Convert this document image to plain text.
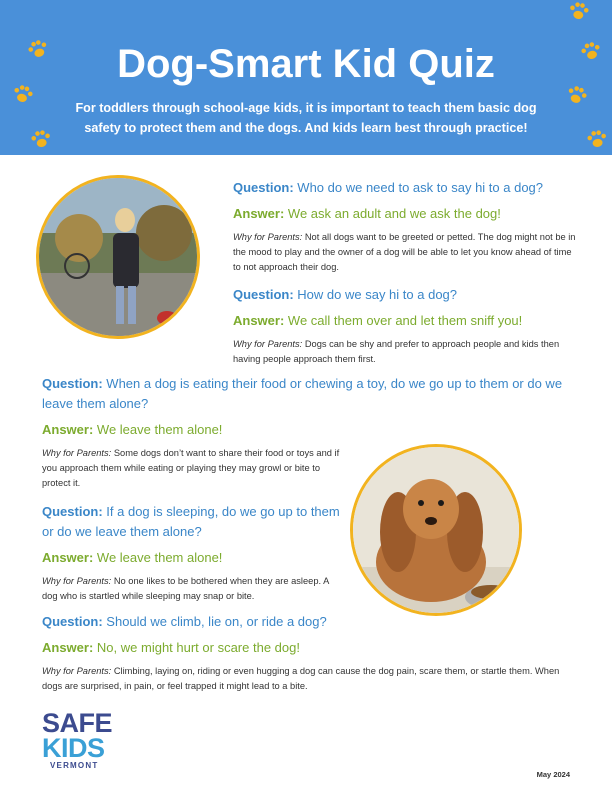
Dog-Smart Kid Quiz
For toddlers through school-age kids, it is important to teach them basic dog safety to protect them and the dogs. And kids learn best through practice!
Question: Who do we need to ask to say hi to a dog?
Answer: We ask an adult and we ask the dog!
Why for Parents: Not all dogs want to be greeted or petted. The dog might not be in the mood to play and the owner of a dog will be able to let you know ahead of time to not approach their dog.
Question: How do we say hi to a dog?
Answer: We call them over and let them sniff you!
Why for Parents: Dogs can be shy and prefer to approach people and kids then having people approach them first.
Question: When a dog is eating their food or chewing a toy, do we go up to them or do we leave them alone?
Answer: We leave them alone!
Why for Parents: Some dogs don’t want to share their food or toys and if you approach them while eating or playing they may growl or bite to protect it.
Question: If a dog is sleeping, do we go up to them or do we leave them alone?
Answer: We leave them alone!
Why for Parents: No one likes to be bothered when they are asleep. A dog who is startled while sleeping may snap or bite.
Question: Should we climb, lie on, or ride a dog?
Answer: No, we might hurt or scare the dog!
Why for Parents: Climbing, laying on, riding or even hugging a dog can cause the dog pain, scare them, or startle them. When dogs are surprised, in pain, or feel trapped it might lead to a bite.
SAFE
KIDS
VERMONT
May 2024
